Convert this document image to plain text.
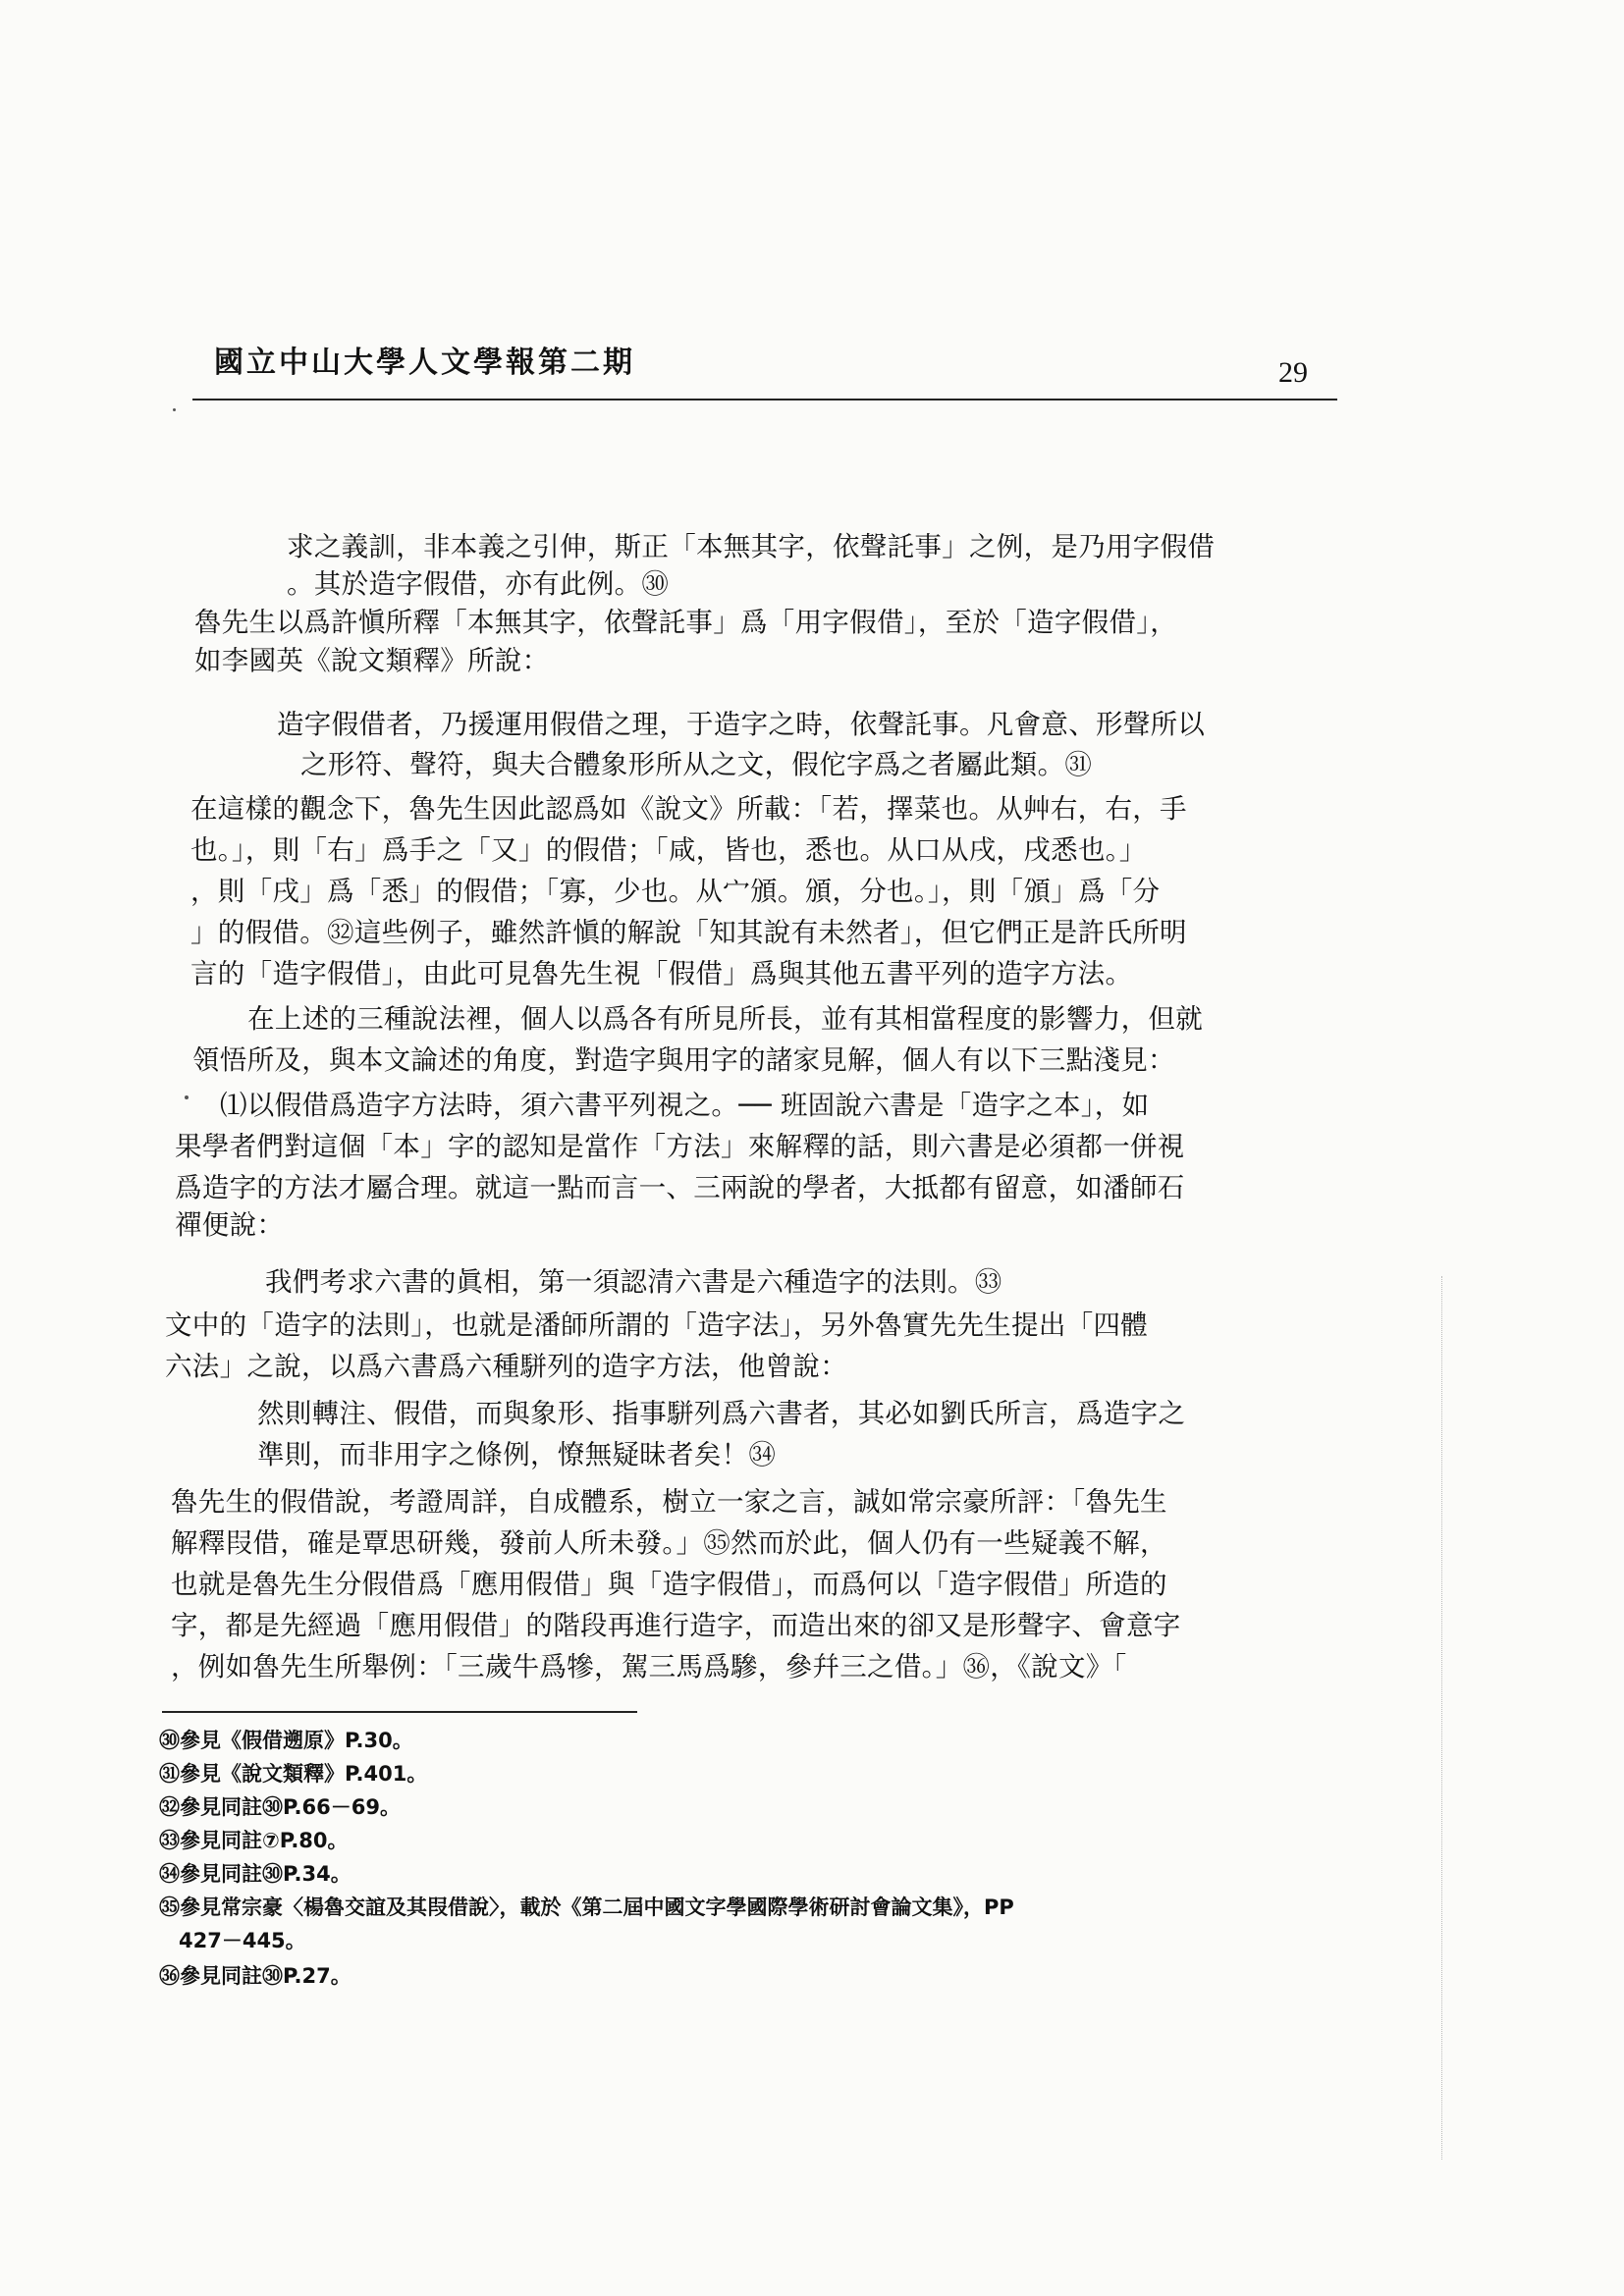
國立中山大學人文學報第二期	29
求之義訓，非本義之引伸，斯正「本無其字，依聲託事」之例，是乃用字假借
。其於造字假借，亦有此例。㉚
魯先生以爲許愼所釋「本無其字，依聲託事」爲「用字假借」，至於「造字假借」，
如李國英《說文類釋》所說：
造字假借者，乃援運用假借之理，于造字之時，依聲託事。凡會意、形聲所以
之形符、聲符，與夫合體象形所从之文，假佗字爲之者屬此類。㉛
在這樣的觀念下，魯先生因此認爲如《說文》所載：「若，擇菜也。从艸右，右，手
也。」，則「右」爲手之「又」的假借；「咸，皆也，悉也。从口从戌，戌悉也。」
，則「戌」爲「悉」的假借；「寡，少也。从宀頒。頒，分也。」，則「頒」爲「分
」的假借。㉜這些例子，雖然許愼的解說「知其說有未然者」，但它們正是許氏所明
言的「造字假借」，由此可見魯先生視「假借」爲與其他五書平列的造字方法。
在上述的三種說法裡，個人以爲各有所見所長，並有其相當程度的影響力，但就
領悟所及，與本文論述的角度，對造字與用字的諸家見解，個人有以下三點淺見：
⑴以假借爲造字方法時，須六書平列視之。── 班固說六書是「造字之本」，如
果學者們對這個「本」字的認知是當作「方法」來解釋的話，則六書是必須都一併視
爲造字的方法才屬合理。就這一點而言一、三兩說的學者，大抵都有留意，如潘師石
禪便說：
我們考求六書的眞相，第一須認清六書是六種造字的法則。㉝
文中的「造字的法則」，也就是潘師所謂的「造字法」，另外魯實先先生提出「四體
六法」之說，以爲六書爲六種駢列的造字方法，他曾說：
然則轉注、假借，而與象形、指事駢列爲六書者，其必如劉氏所言，爲造字之
準則，而非用字之條例，憭無疑昧者矣！㉞
魯先生的假借說，考證周詳，自成體系，樹立一家之言，誠如常宗豪所評：「魯先生
解釋叚借，確是覃思研幾，發前人所未發。」㉟然而於此，個人仍有一些疑義不解，
也就是魯先生分假借爲「應用假借」與「造字假借」，而爲何以「造字假借」所造的
字，都是先經過「應用假借」的階段再進行造字，而造出來的卻又是形聲字、會意字
，例如魯先生所舉例：「三歲牛爲犙，駕三馬爲驂，參幷三之借。」㊱，《說文》「
㉚參見《假借遡原》P.30。
㉛參見《說文類釋》P.401。
㉜參見同註㉚P.66－69。
㉝參見同註⑦P.80。
㉞參見同註㉚P.34。
㉟參見常宗豪〈楊魯交誼及其叚借說〉，載於《第二屆中國文字學國際學術研討會論文集》，PP
427－445。
㊱參見同註㉚P.27。
